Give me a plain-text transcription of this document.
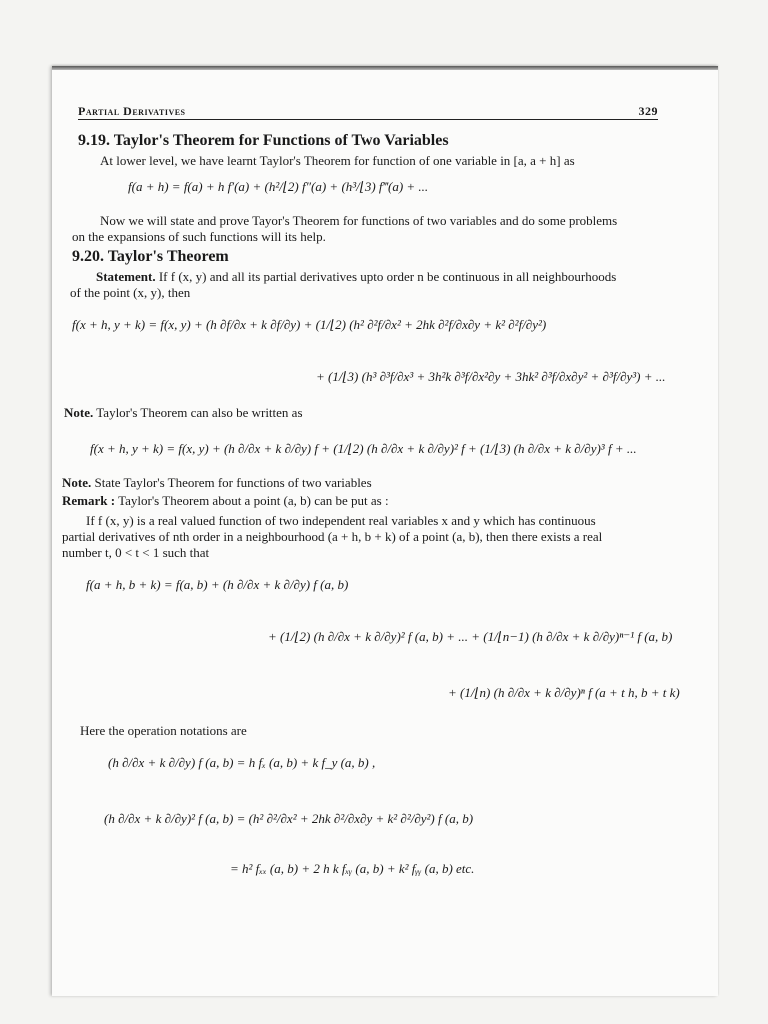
Partial Derivatives	329
9.19. Taylor's Theorem for Functions of Two Variables
At lower level, we have learnt Taylor's Theorem for function of one variable in [a, a + h] as
f(a + h) = f(a) + h f′(a) + (h²/⌊2) f″(a) + (h³/⌊3) f‴(a) + ...
Now we will state and prove Tayor's Theorem for functions of two variables and do some problems
on the expansions of such functions will its help.
9.20. Taylor's Theorem
Statement. If f (x, y) and all its partial derivatives upto order n be continuous in all neighbourhoods
of the point (x, y), then
f(x + h, y + k) = f(x, y) + (h ∂f/∂x + k ∂f/∂y) + (1/⌊2) (h² ∂²f/∂x² + 2hk ∂²f/∂x∂y + k² ∂²f/∂y²)
+ (1/⌊3) (h³ ∂³f/∂x³ + 3h²k ∂³f/∂x²∂y + 3hk² ∂³f/∂x∂y² + ∂³f/∂y³) + ...
Note. Taylor's Theorem can also be written as
f(x + h, y + k) = f(x, y) + (h ∂/∂x + k ∂/∂y) f + (1/⌊2) (h ∂/∂x + k ∂/∂y)² f + (1/⌊3) (h ∂/∂x + k ∂/∂y)³ f + ...
Note. State Taylor's Theorem for functions of two variables
Remark : Taylor's Theorem about a point (a, b) can be put as :
If f (x, y) is a real valued function of two independent real variables x and y which has continuous
partial derivatives of nth order in a neighbourhood (a + h, b + k) of a point (a, b), then there exists a real
number t, 0 < t < 1 such that
f(a + h, b + k) = f(a, b) + (h ∂/∂x + k ∂/∂y) f (a, b)
+ (1/⌊2) (h ∂/∂x + k ∂/∂y)² f (a, b) + ... + (1/⌊n−1) (h ∂/∂x + k ∂/∂y)ⁿ⁻¹ f (a, b)
+ (1/⌊n) (h ∂/∂x + k ∂/∂y)ⁿ f (a + t h, b + t k)
Here the operation notations are
(h ∂/∂x + k ∂/∂y) f (a, b) = h fₓ (a, b) + k f_y (a, b) ,
(h ∂/∂x + k ∂/∂y)² f (a, b) = (h² ∂²/∂x² + 2hk ∂²/∂x∂y + k² ∂²/∂y²) f (a, b)
= h² fₓₓ (a, b) + 2 h k fₓᵧ (a, b) + k² fᵧᵧ (a, b) etc.
